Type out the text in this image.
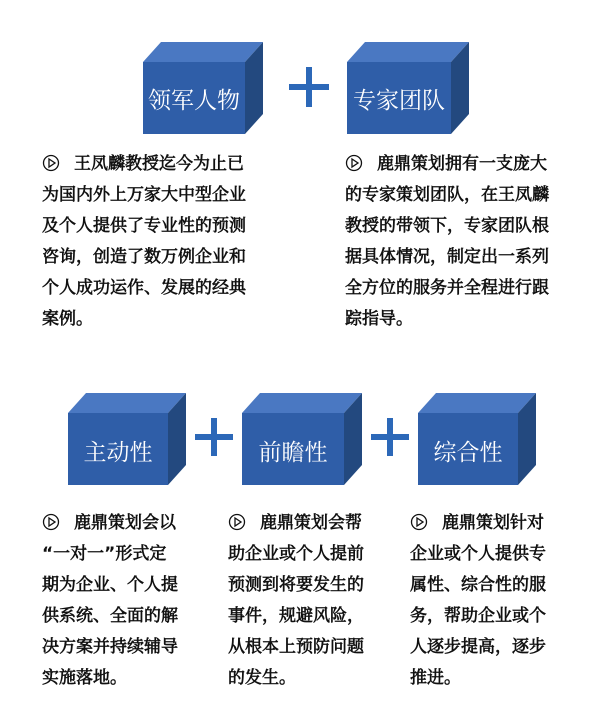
领军人物	专家团队
王凤麟教授迄今为止已
为国内外上万家大中型企业
及个人提供了专业性的预测
咨询，创造了数万例企业和
个人成功运作、发展的经典
案例。
鹿鼎策划拥有一支庞大
的专家策划团队，在王凤麟
教授的带领下，专家团队根
据具体情况，制定出一系列
全方位的服务并全程进行跟
踪指导。
主动性	前瞻性	综合性
鹿鼎策划会以
“一对一”形式定
期为企业、个人提
供系统、全面的解
决方案并持续辅导
实施落地。
鹿鼎策划会帮
助企业或个人提前
预测到将要发生的
事件，规避风险，
从根本上预防问题
的发生。
鹿鼎策划针对
企业或个人提供专
属性、综合性的服
务，帮助企业或个
人逐步提高，逐步
推进。
